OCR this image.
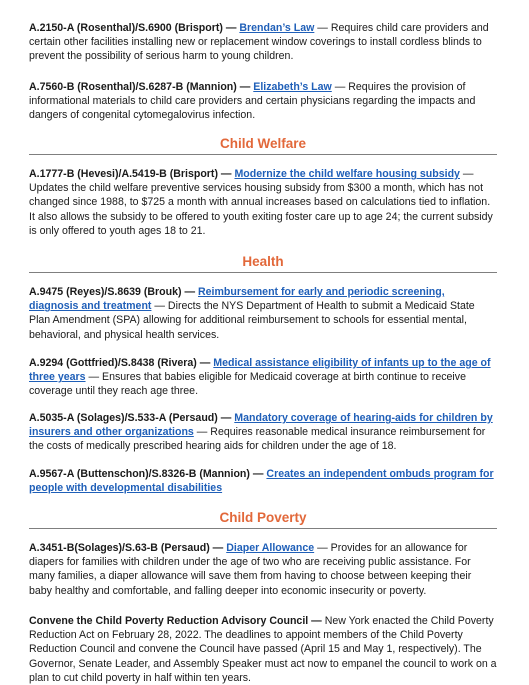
A.2150-A (Rosenthal)/S.6900 (Brisport) — Brendan’s Law — Requires child care providers and certain other facilities installing new or replacement window coverings to install cordless blinds to prevent the possibility of serious harm to young children.

A.7560-B (Rosenthal)/S.6287-B (Mannion) — Elizabeth’s Law — Requires the provision of informational materials to child care providers and certain physicians regarding the impacts and dangers of congenital cytomegalovirus infection.

Child Welfare

A.1777-B (Hevesi)/A.5419-B (Brisport) — Modernize the child welfare housing subsidy — Updates the child welfare preventive services housing subsidy from $300 a month, which has not changed since 1988, to $725 a month with annual increases based on calculations tied to inflation. It also allows the subsidy to be offered to youth exiting foster care up to age 24; the current subsidy is only offered to youth ages 18 to 21.

Health

A.9475 (Reyes)/S.8639 (Brouk) — Reimbursement for early and periodic screening, diagnosis and treatment — Directs the NYS Department of Health to submit a Medicaid State Plan Amendment (SPA) allowing for additional reimbursement to schools for essential mental, behavioral, and physical health services.

A.9294 (Gottfried)/S.8438 (Rivera) — Medical assistance eligibility of infants up to the age of three years — Ensures that babies eligible for Medicaid coverage at birth continue to receive coverage until they reach age three.

A.5035-A (Solages)/S.533-A (Persaud) — Mandatory coverage of hearing-aids for children by insurers and other organizations — Requires reasonable medical insurance reimbursement for the costs of medically prescribed hearing aids for children under the age of 18.

A.9567-A (Buttenschon)/S.8326-B (Mannion) — Creates an independent ombuds program for people with developmental disabilities

Child Poverty

A.3451-B(Solages)/S.63-B (Persaud) — Diaper Allowance — Provides for an allowance for diapers for families with children under the age of two who are receiving public assistance. For many families, a diaper allowance will save them from having to choose between keeping their baby healthy and comfortable, and falling deeper into economic insecurity or poverty.

Convene the Child Poverty Reduction Advisory Council — New York enacted the Child Poverty Reduction Act on February 28, 2022. The deadlines to appoint members of the Child Poverty Reduction Council and convene the Council have passed (April 15 and May 1, respectively). The Governor, Senate Leader, and Assembly Speaker must act now to empanel the council to work on a plan to cut child poverty in half within ten years.
